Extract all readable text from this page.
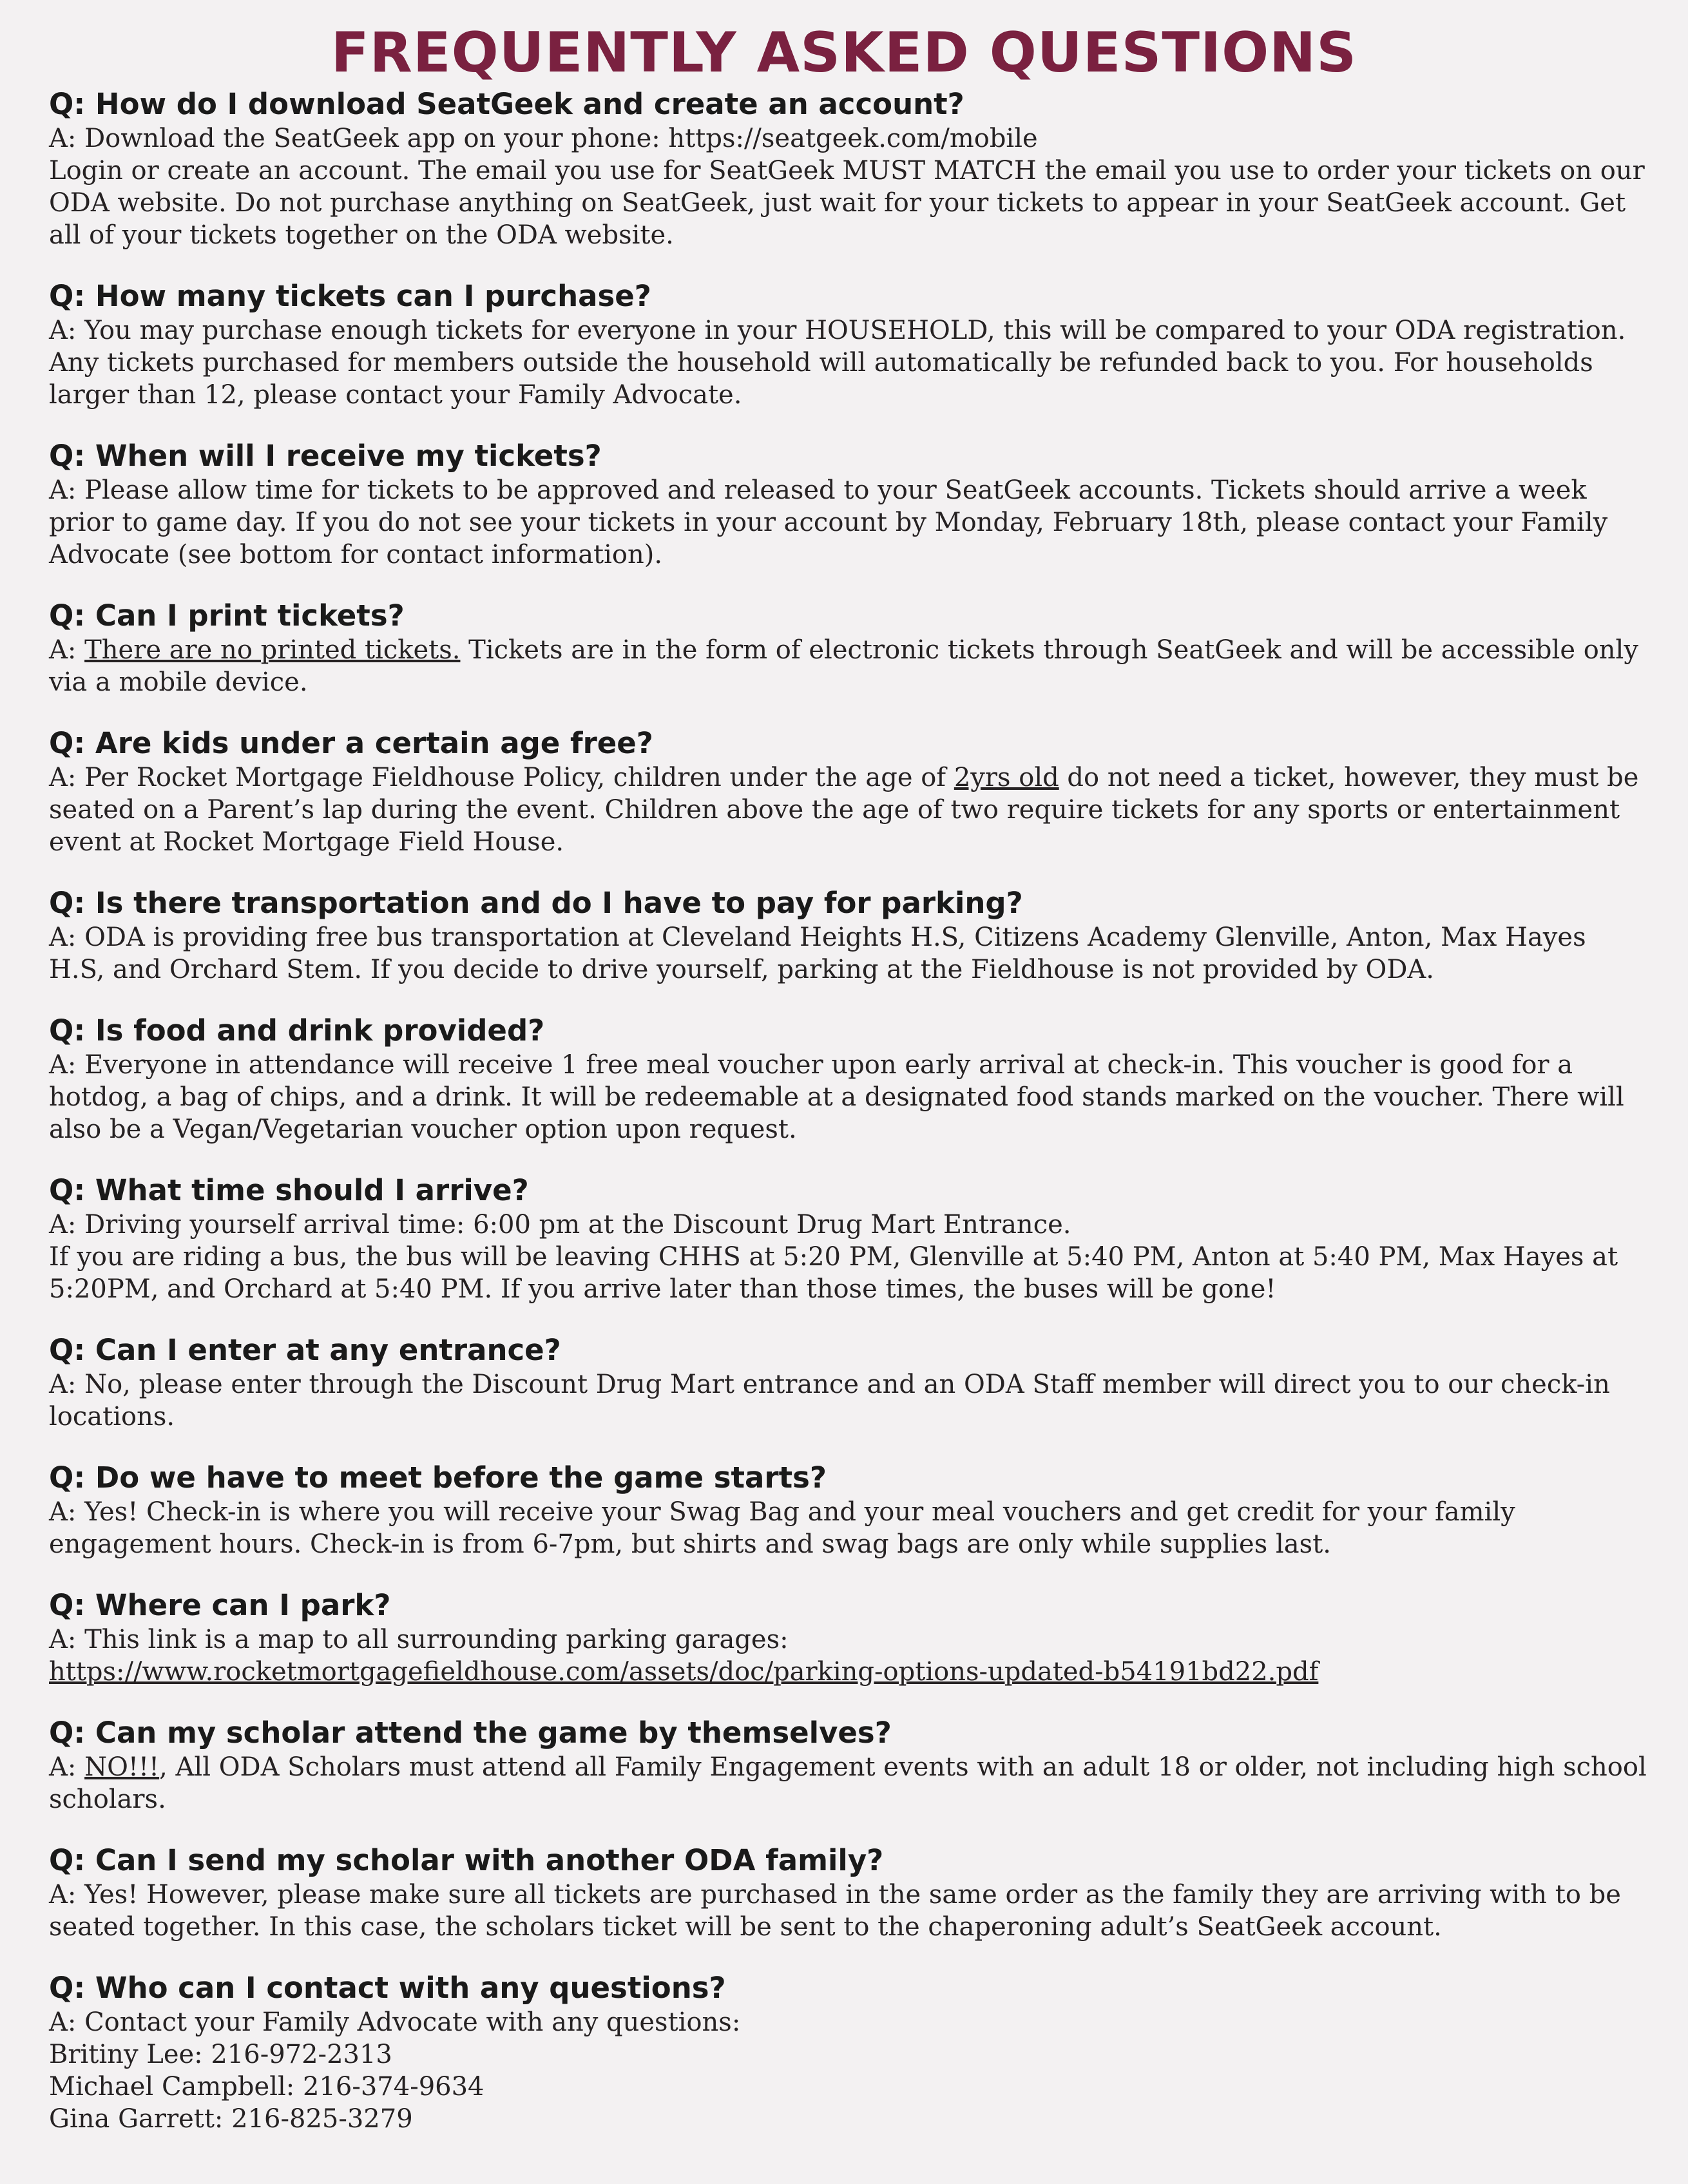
FREQUENTLY ASKED QUESTIONS
Q: How do I download SeatGeek and create an account?
A: Download the SeatGeek app on your phone: https://seatgeek.com/mobile
Login or create an account. The email you use for SeatGeek MUST MATCH the email you use to order your tickets on our ODA website. Do not purchase anything on SeatGeek, just wait for your tickets to appear in your SeatGeek account. Get all of your tickets together on the ODA website.
Q: How many tickets can I purchase?
A: You may purchase enough tickets for everyone in your HOUSEHOLD, this will be compared to your ODA registration. Any tickets purchased for members outside the household will automatically be refunded back to you. For households larger than 12, please contact your Family Advocate.
Q: When will I receive my tickets?
A: Please allow time for tickets to be approved and released to your SeatGeek accounts. Tickets should arrive a week prior to game day. If you do not see your tickets in your account by Monday, February 18th, please contact your Family Advocate (see bottom for contact information).
Q: Can I print tickets?
A: There are no printed tickets. Tickets are in the form of electronic tickets through SeatGeek and will be accessible only via a mobile device.
Q: Are kids under a certain age free?
A: Per Rocket Mortgage Fieldhouse Policy, children under the age of 2yrs old do not need a ticket, however, they must be seated on a Parent’s lap during the event. Children above the age of two require tickets for any sports or entertainment event at Rocket Mortgage Field House.
Q: Is there transportation and do I have to pay for parking?
A: ODA is providing free bus transportation at Cleveland Heights H.S, Citizens Academy Glenville, Anton, Max Hayes H.S, and Orchard Stem. If you decide to drive yourself, parking at the Fieldhouse is not provided by ODA.
Q: Is food and drink provided?
A: Everyone in attendance will receive 1 free meal voucher upon early arrival at check-in. This voucher is good for a hotdog, a bag of chips, and a drink. It will be redeemable at a designated food stands marked on the voucher. There will also be a Vegan/Vegetarian voucher option upon request.
Q: What time should I arrive?
A: Driving yourself arrival time: 6:00 pm at the Discount Drug Mart Entrance.
If you are riding a bus, the bus will be leaving CHHS at 5:20 PM, Glenville at 5:40 PM, Anton at 5:40 PM, Max Hayes at 5:20PM, and Orchard at 5:40 PM. If you arrive later than those times, the buses will be gone!
Q: Can I enter at any entrance?
A: No, please enter through the Discount Drug Mart entrance and an ODA Staff member will direct you to our check-in locations.
Q: Do we have to meet before the game starts?
A: Yes! Check-in is where you will receive your Swag Bag and your meal vouchers and get credit for your family engagement hours. Check-in is from 6-7pm, but shirts and swag bags are only while supplies last.
Q: Where can I park?
A: This link is a map to all surrounding parking garages:
https://www.rocketmortgagefieldhouse.com/assets/doc/parking-options-updated-b54191bd22.pdf
Q: Can my scholar attend the game by themselves?
A: NO!!!, All ODA Scholars must attend all Family Engagement events with an adult 18 or older, not including high school scholars.
Q: Can I send my scholar with another ODA family?
A: Yes! However, please make sure all tickets are purchased in the same order as the family they are arriving with to be seated together. In this case, the scholars ticket will be sent to the chaperoning adult’s SeatGeek account.
Q: Who can I contact with any questions?
A: Contact your Family Advocate with any questions:
Britiny Lee: 216-972-2313
Michael Campbell: 216-374-9634
Gina Garrett: 216-825-3279
